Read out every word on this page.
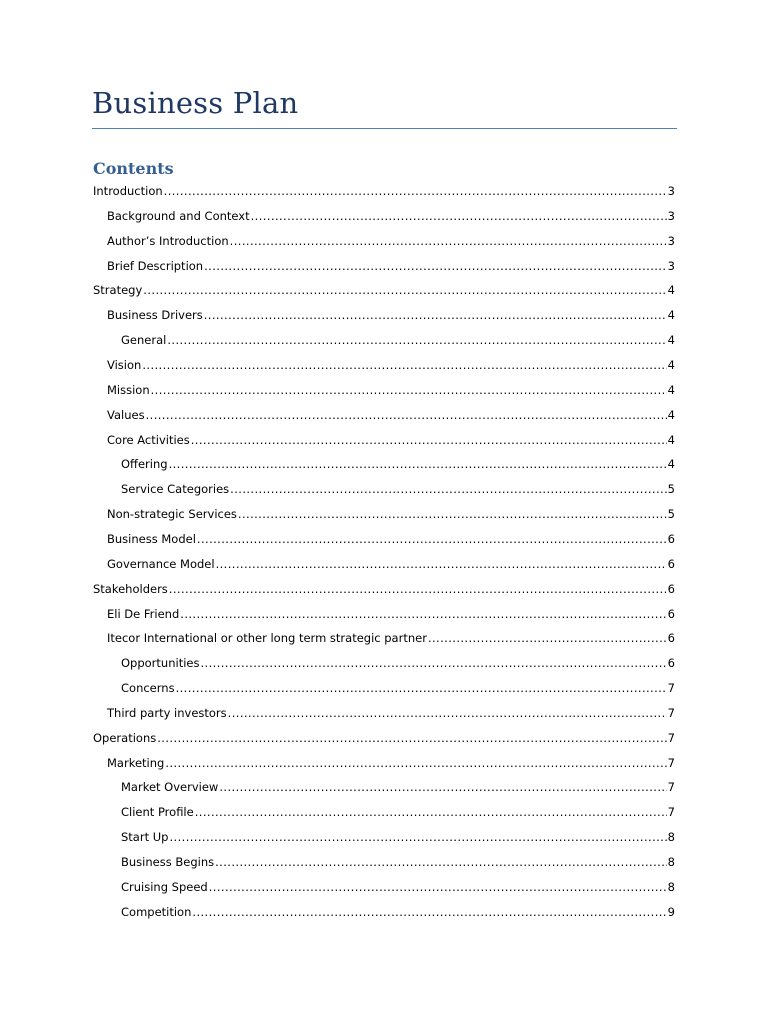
Business Plan
Contents
Introduction .....	3
Background and Context .....	3
Author’s Introduction .....	3
Brief Description .....	3
Strategy .....	4
Business Drivers .....	4
General .....	4
Vision .....	4
Mission .....	4
Values .....	4
Core Activities .....	4
Offering .....	4
Service Categories .....	5
Non-strategic Services .....	5
Business Model .....	6
Governance Model .....	6
Stakeholders .....	6
Eli De Friend .....	6
Itecor International or other long term strategic partner .....	6
Opportunities .....	6
Concerns .....	7
Third party investors .....	7
Operations .....	7
Marketing .....	7
Market Overview .....	7
Client Profile .....	7
Start Up .....	8
Business Begins .....	8
Cruising Speed .....	8
Competition .....	9
